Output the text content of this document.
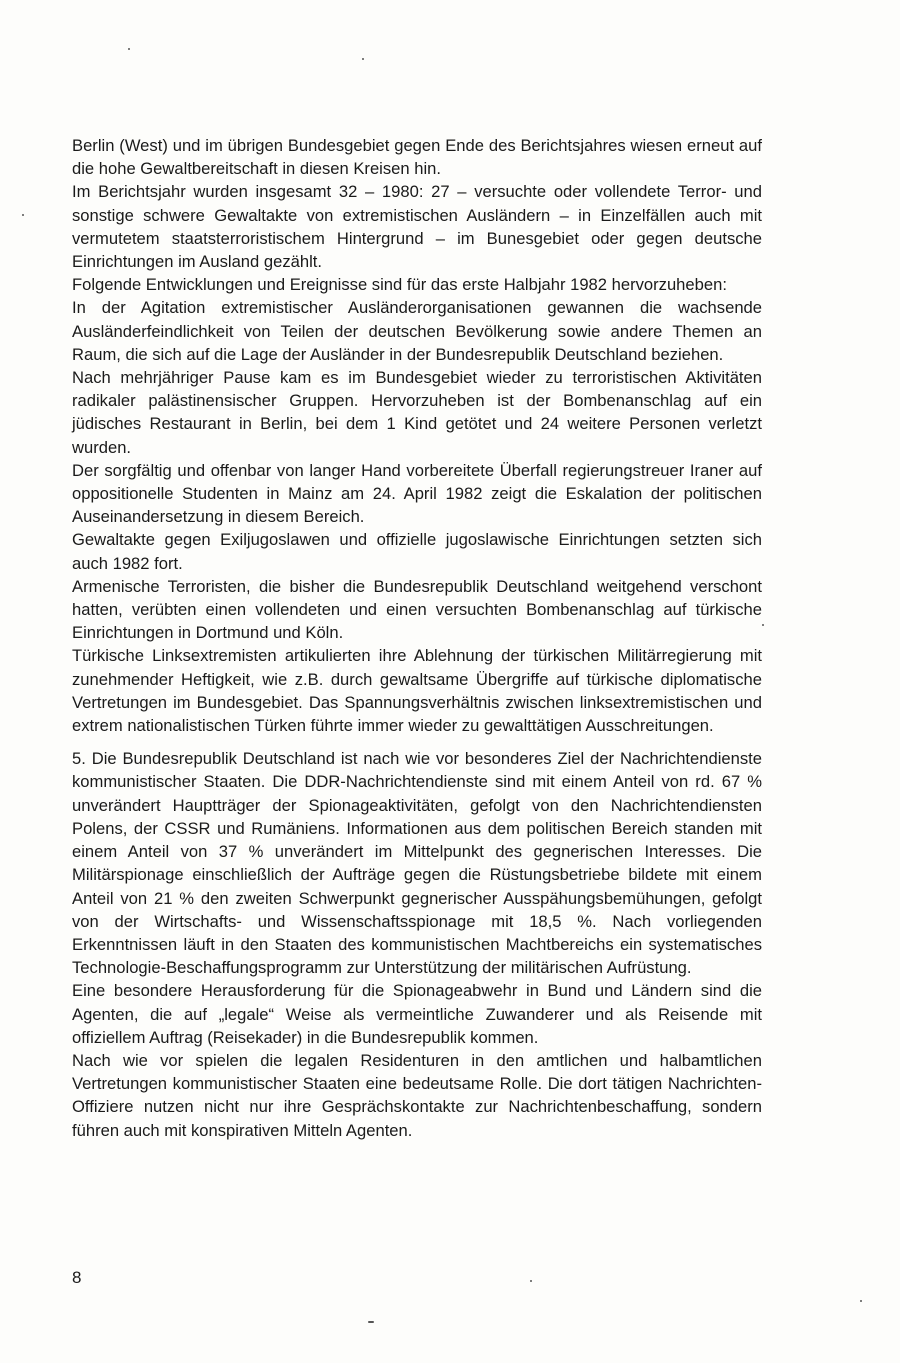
Berlin (West) und im übrigen Bundesgebiet gegen Ende des Berichtsjahres wiesen erneut auf die hohe Gewaltbereitschaft in diesen Kreisen hin.

Im Berichtsjahr wurden insgesamt 32 – 1980: 27 – versuchte oder vollendete Terror- und sonstige schwere Gewaltakte von extremistischen Ausländern – in Einzelfällen auch mit vermutetem staatsterroristischem Hintergrund – im Bunesgebiet oder gegen deutsche Einrichtungen im Ausland gezählt.

Folgende Entwicklungen und Ereignisse sind für das erste Halbjahr 1982 hervorzuheben:

In der Agitation extremistischer Ausländerorganisationen gewannen die wachsende Ausländerfeindlichkeit von Teilen der deutschen Bevölkerung sowie andere Themen an Raum, die sich auf die Lage der Ausländer in der Bundesrepublik Deutschland beziehen.

Nach mehrjähriger Pause kam es im Bundesgebiet wieder zu terroristischen Aktivitäten radikaler palästinensischer Gruppen. Hervorzuheben ist der Bombenanschlag auf ein jüdisches Restaurant in Berlin, bei dem 1 Kind getötet und 24 weitere Personen verletzt wurden.

Der sorgfältig und offenbar von langer Hand vorbereitete Überfall regierungstreuer Iraner auf oppositionelle Studenten in Mainz am 24. April 1982 zeigt die Eskalation der politischen Auseinandersetzung in diesem Bereich.

Gewaltakte gegen Exiljugoslawen und offizielle jugoslawische Einrichtungen setzten sich auch 1982 fort.

Armenische Terroristen, die bisher die Bundesrepublik Deutschland weitgehend verschont hatten, verübten einen vollendeten und einen versuchten Bombenanschlag auf türkische Einrichtungen in Dortmund und Köln.

Türkische Linksextremisten artikulierten ihre Ablehnung der türkischen Militärregierung mit zunehmender Heftigkeit, wie z.B. durch gewaltsame Übergriffe auf türkische diplomatische Vertretungen im Bundesgebiet. Das Spannungsverhältnis zwischen linksextremistischen und extrem nationalistischen Türken führte immer wieder zu gewalttätigen Ausschreitungen.

5. Die Bundesrepublik Deutschland ist nach wie vor besonderes Ziel der Nachrichtendienste kommunistischer Staaten. Die DDR-Nachrichtendienste sind mit einem Anteil von rd. 67 % unverändert Hauptträger der Spionageaktivitäten, gefolgt von den Nachrichtendiensten Polens, der CSSR und Rumäniens. Informationen aus dem politischen Bereich standen mit einem Anteil von 37 % unverändert im Mittelpunkt des gegnerischen Interesses. Die Militärspionage einschließlich der Aufträge gegen die Rüstungsbetriebe bildete mit einem Anteil von 21 % den zweiten Schwerpunkt gegnerischer Ausspähungsbemühungen, gefolgt von der Wirtschafts- und Wissenschaftsspionage mit 18,5 %. Nach vorliegenden Erkenntnissen läuft in den Staaten des kommunistischen Machtbereichs ein systematisches Technologie-Beschaffungsprogramm zur Unterstützung der militärischen Aufrüstung.

Eine besondere Herausforderung für die Spionageabwehr in Bund und Ländern sind die Agenten, die auf „legale“ Weise als vermeintliche Zuwanderer und als Reisende mit offiziellem Auftrag (Reisekader) in die Bundesrepublik kommen.

Nach wie vor spielen die legalen Residenturen in den amtlichen und halbamtlichen Vertretungen kommunistischer Staaten eine bedeutsame Rolle. Die dort tätigen Nachrichten-Offiziere nutzen nicht nur ihre Gesprächskontakte zur Nachrichtenbeschaffung, sondern führen auch mit konspirativen Mitteln Agenten.

8
